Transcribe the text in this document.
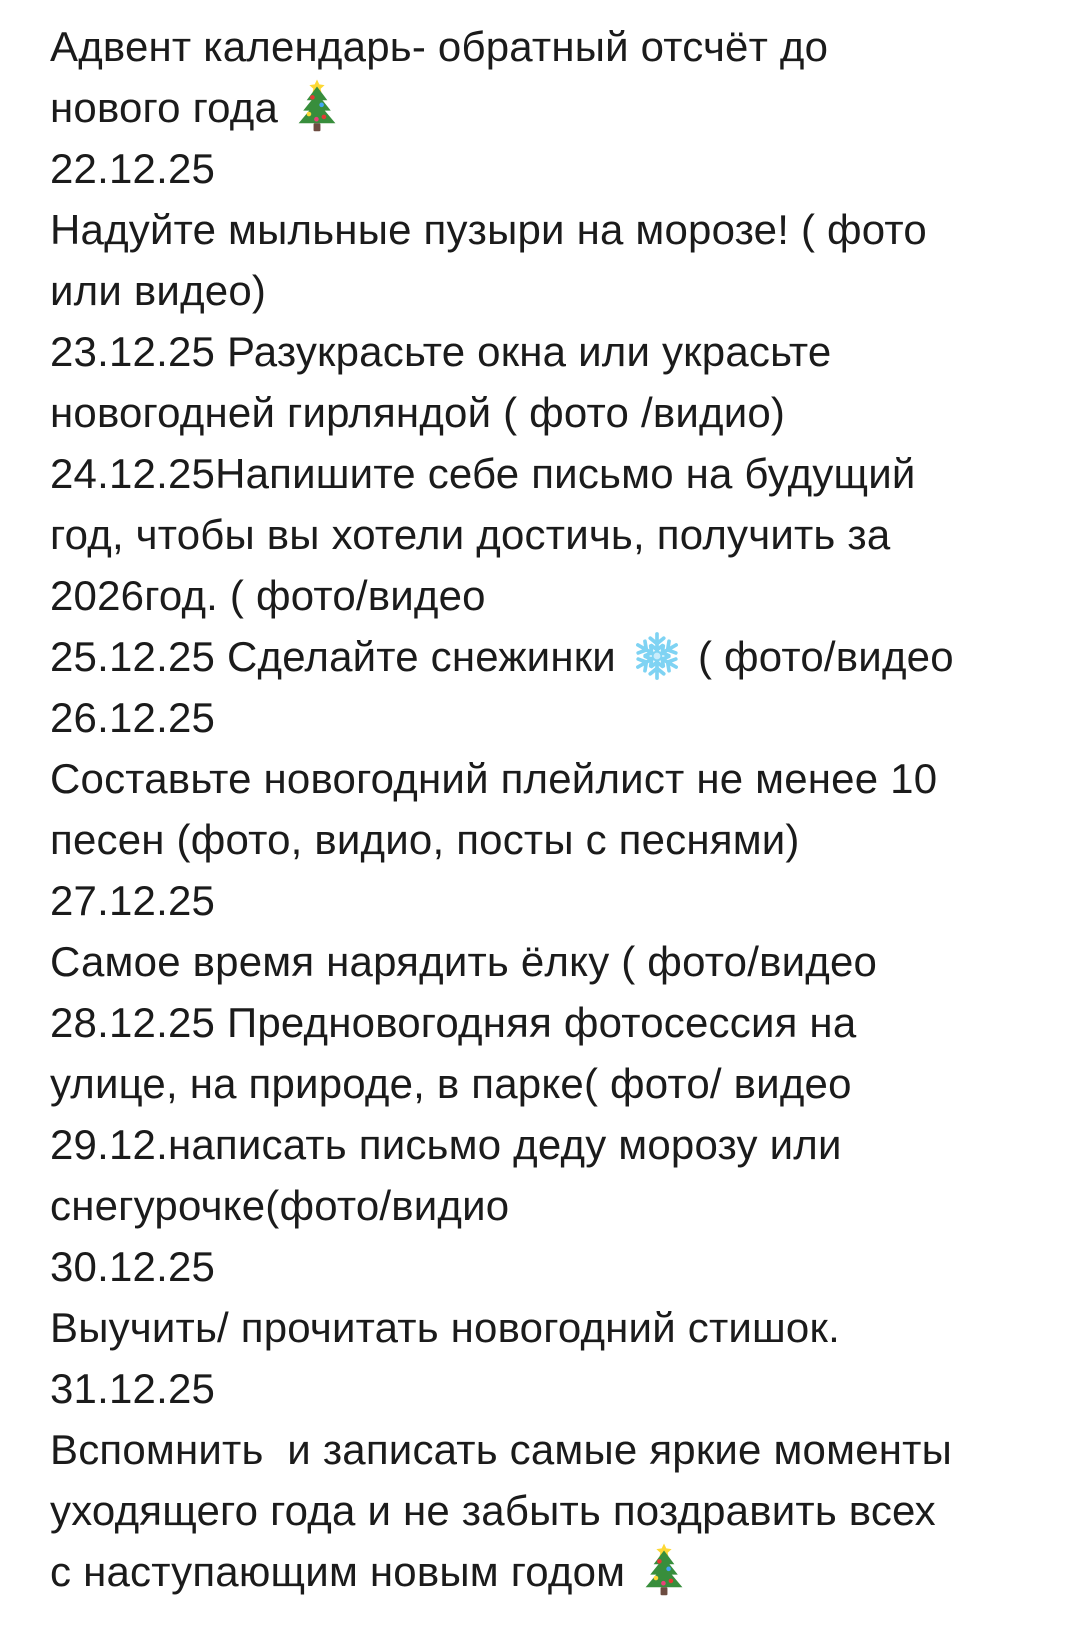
Адвент календарь- обратный отсчёт до
нового года
22.12.25
Надуйте мыльные пузыри на морозе! ( фото
или видео)
23.12.25 Разукрасьте окна или украсьте
новогодней гирляндой ( фото /видио)
24.12.25Напишите себе письмо на будущий
год, чтобы вы хотели достичь, получить за
2026год. ( фото/видео
25.12.25 Сделайте снежинки ( фото/видео
26.12.25
Составьте новогодний плейлист не менее 10
песен (фото, видио, посты с песнями)
27.12.25
Самое время нарядить ёлку ( фото/видео
28.12.25 Предновогодняя фотосессия на
улице, на природе, в парке( фото/ видео
29.12.написать письмо деду морозу или
снегурочке(фото/видио
30.12.25
Выучить/ прочитать новогодний стишок.
31.12.25
Вспомнить  и записать самые яркие моменты
уходящего года и не забыть поздравить всех
с наступающим новым годом
